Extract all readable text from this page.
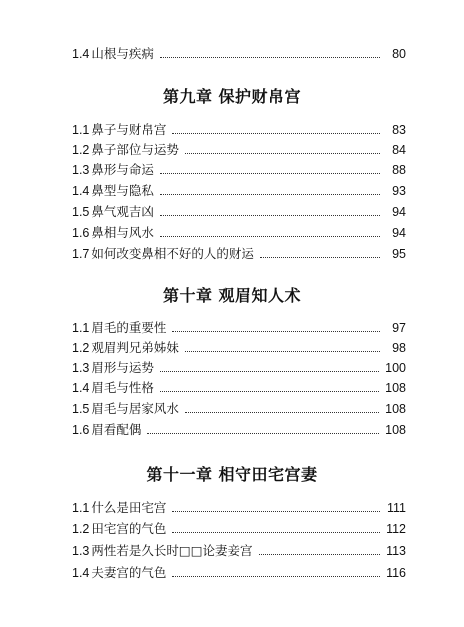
1.4 山根与疾病	80
第九章 保护财帛宫
1.1 鼻子与财帛宫	83
1.2 鼻子部位与运势	84
1.3 鼻形与命运	88
1.4 鼻型与隐私	93
1.5 鼻气观吉凶	94
1.6 鼻相与风水	94
1.7 如何改变鼻相不好的人的财运	95
第十章 观眉知人术
1.1 眉毛的重要性	97
1.2 观眉判兄弟姊妹	98
1.3 眉形与运势	100
1.4 眉毛与性格	108
1.5 眉毛与居家风水	108
1.6 眉看配偶	108
第十一章 相守田宅宫妻
1.1 什么是田宅宫	111
1.2 田宅宫的气色	112
1.3 两性若是久长时□□论妻妾宫	113
1.4 夫妻宫的气色	116
